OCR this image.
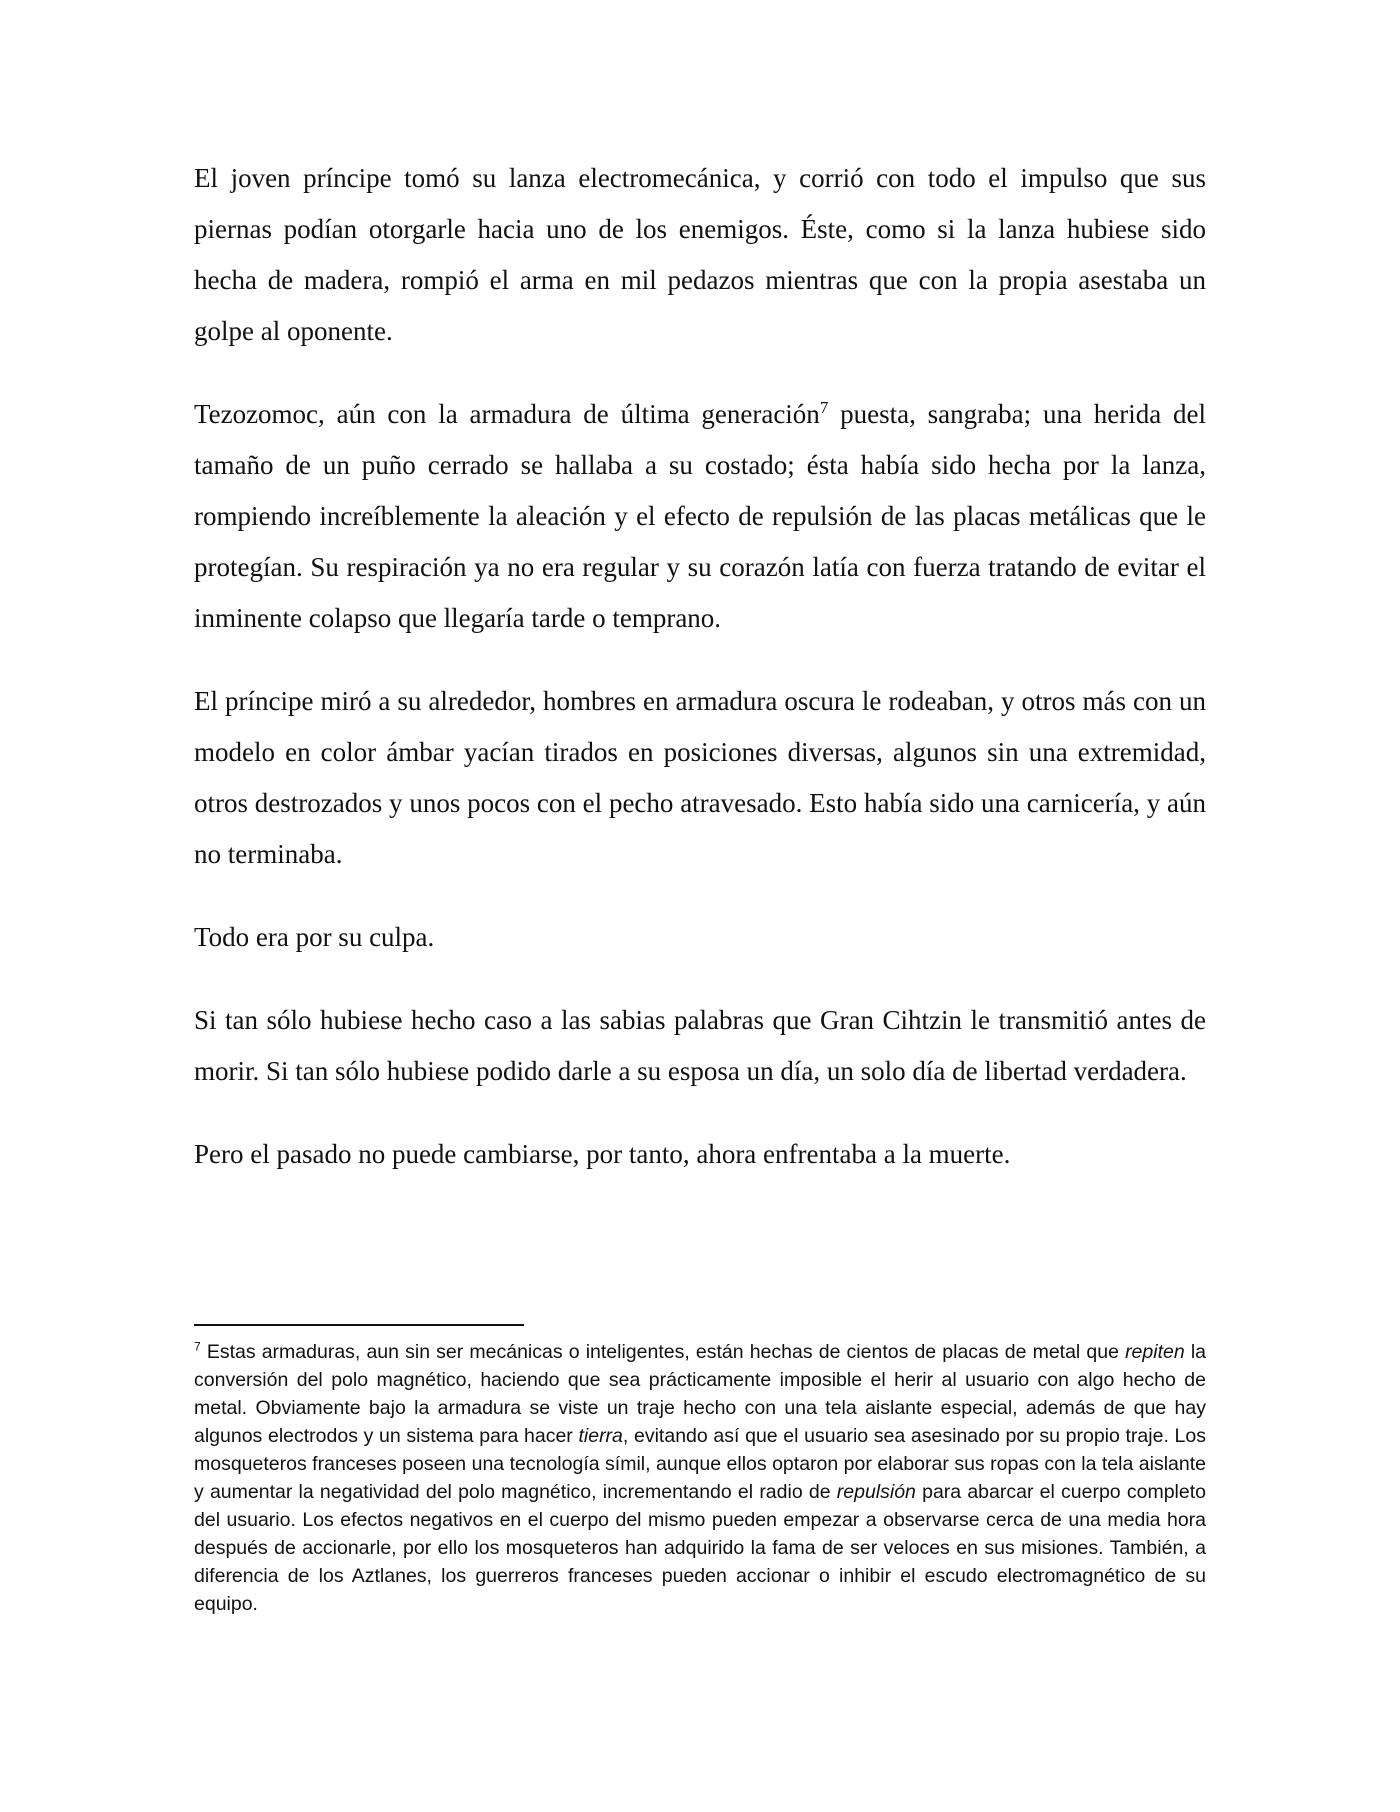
El joven príncipe tomó su lanza electromecánica, y corrió con todo el impulso que sus piernas podían otorgarle hacia uno de los enemigos. Éste, como si la lanza hubiese sido hecha de madera, rompió el arma en mil pedazos mientras que con la propia asestaba un golpe al oponente.

Tezozomoc, aún con la armadura de última generación$^7$ puesta, sangraba; una herida del tamaño de un puño cerrado se hallaba a su costado; ésta había sido hecha por la lanza, rompiendo increíblemente la aleación y el efecto de repulsión de las placas metálicas que le protegían. Su respiración ya no era regular y su corazón latía con fuerza tratando de evitar el inminente colapso que llegaría tarde o temprano.

El príncipe miró a su alrededor, hombres en armadura oscura le rodeaban, y otros más con un modelo en color ámbar yacían tirados en posiciones diversas, algunos sin una extremidad, otros destrozados y unos pocos con el pecho atravesado. Esto había sido una carnicería, y aún no terminaba.

Todo era por su culpa.

Si tan sólo hubiese hecho caso a las sabias palabras que Gran Cihtzin le transmitió antes de morir. Si tan sólo hubiese podido darle a su esposa un día, un solo día de libertad verdadera.

Pero el pasado no puede cambiarse, por tanto, ahora enfrentaba a la muerte.

$^7$ Estas armaduras, aun sin ser mecánicas o inteligentes, están hechas de cientos de placas de metal que repiten la conversión del polo magnético, haciendo que sea prácticamente imposible el herir al usuario con algo hecho de metal. Obviamente bajo la armadura se viste un traje hecho con una tela aislante especial, además de que hay algunos electrodos y un sistema para hacer tierra, evitando así que el usuario sea asesinado por su propio traje. Los mosqueteros franceses poseen una tecnología símil, aunque ellos optaron por elaborar sus ropas con la tela aislante y aumentar la negatividad del polo magnético, incrementando el radio de repulsión para abarcar el cuerpo completo del usuario. Los efectos negativos en el cuerpo del mismo pueden empezar a observarse cerca de una media hora después de accionarle, por ello los mosqueteros han adquirido la fama de ser veloces en sus misiones. También, a diferencia de los Aztlanes, los guerreros franceses pueden accionar o inhibir el escudo electromagnético de su equipo.
